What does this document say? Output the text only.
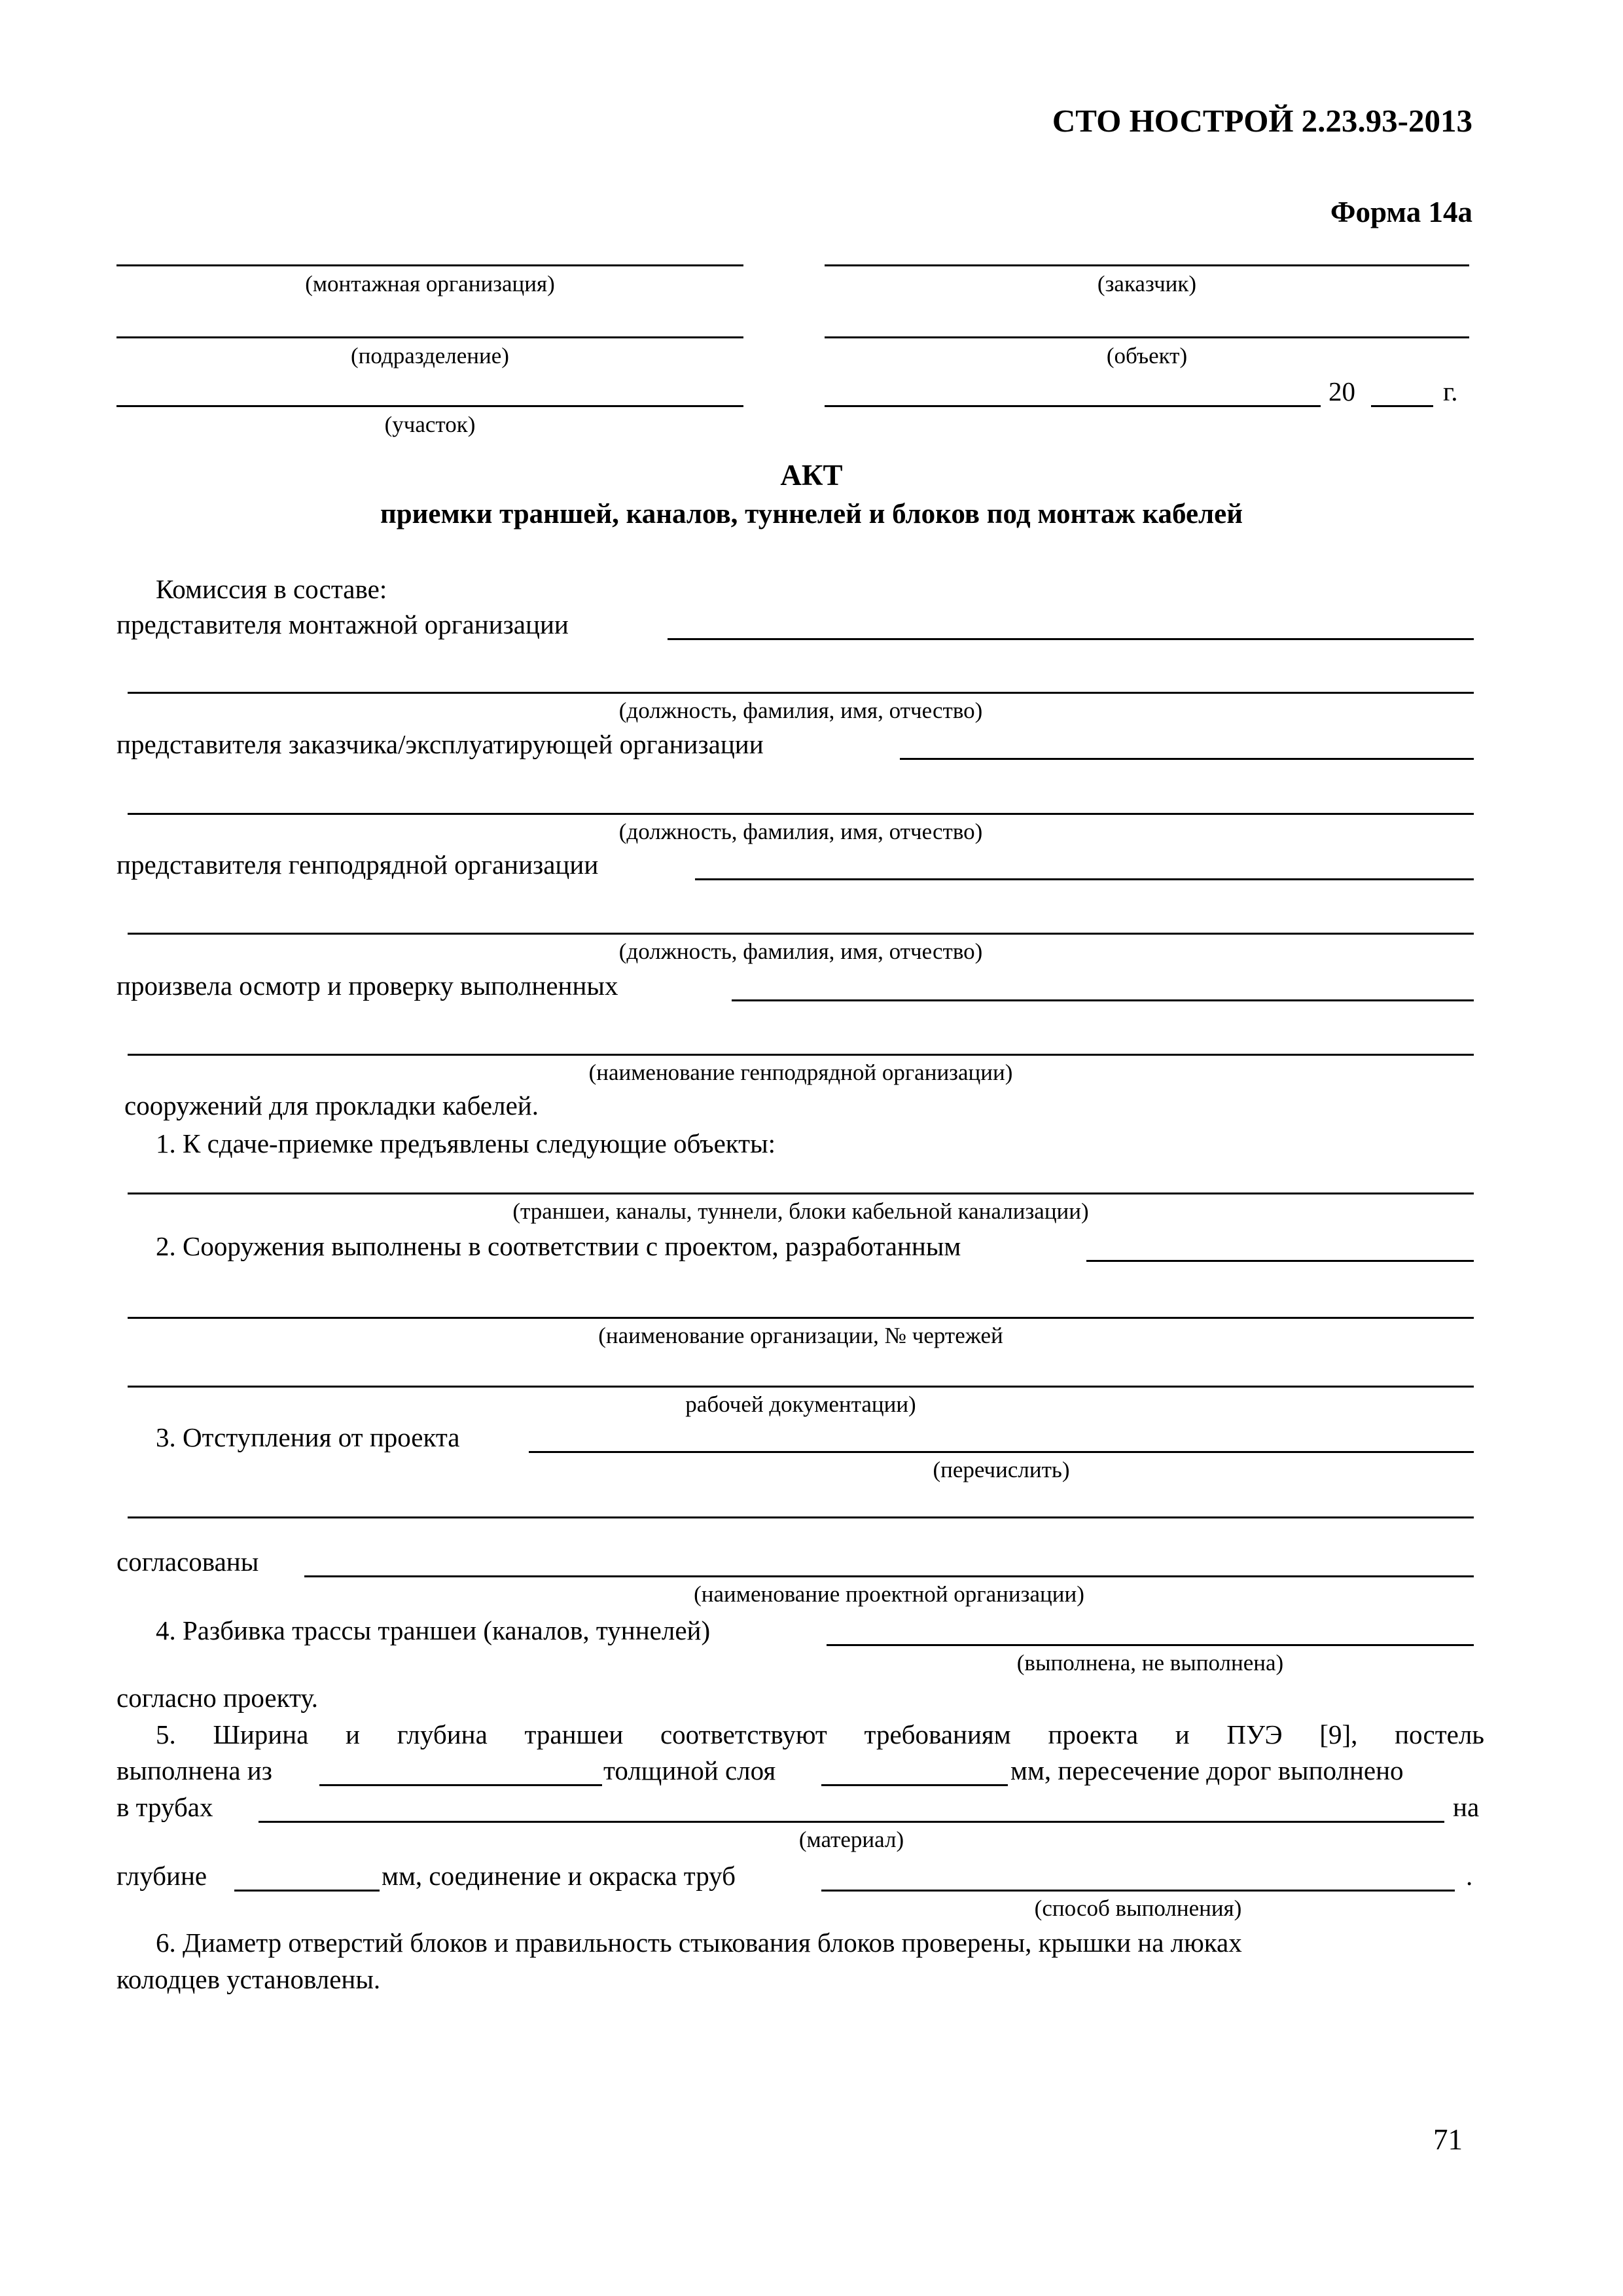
СТО НОСТРОЙ 2.23.93-2013
Форма 14а
(монтажная организация)	(заказчик)
(подразделение)	(объект)
20	г.
(участок)
АКТ
приемки траншей, каналов, туннелей и блоков под монтаж кабелей
Комиссия в составе:
представителя монтажной организации
(должность, фамилия, имя, отчество)
представителя заказчика/эксплуатирующей организации
(должность, фамилия, имя, отчество)
представителя генподрядной организации
(должность, фамилия, имя, отчество)
произвела осмотр и проверку выполненных
(наименование генподрядной организации)
сооружений для прокладки кабелей.
1. К сдаче-приемке предъявлены следующие объекты:
(траншеи, каналы, туннели, блоки кабельной канализации)
2. Сооружения выполнены в соответствии с проектом, разработанным
(наименование организации, № чертежей
рабочей документации)
3. Отступления от проекта
(перечислить)
согласованы
(наименование проектной организации)
4. Разбивка трассы траншеи (каналов, туннелей)
(выполнена, не выполнена)
согласно проекту.
5. Ширина и глубина траншеи соответствуют требованиям проекта и ПУЭ [9], постель
выполнена из	толщиной слоя	мм, пересечение дорог выполнено
в трубах	на
(материал)
глубине	мм, соединение и окраска труб	.
(способ выполнения)
6. Диаметр отверстий блоков и правильность стыкования блоков проверены, крышки на люках
колодцев установлены.
71
